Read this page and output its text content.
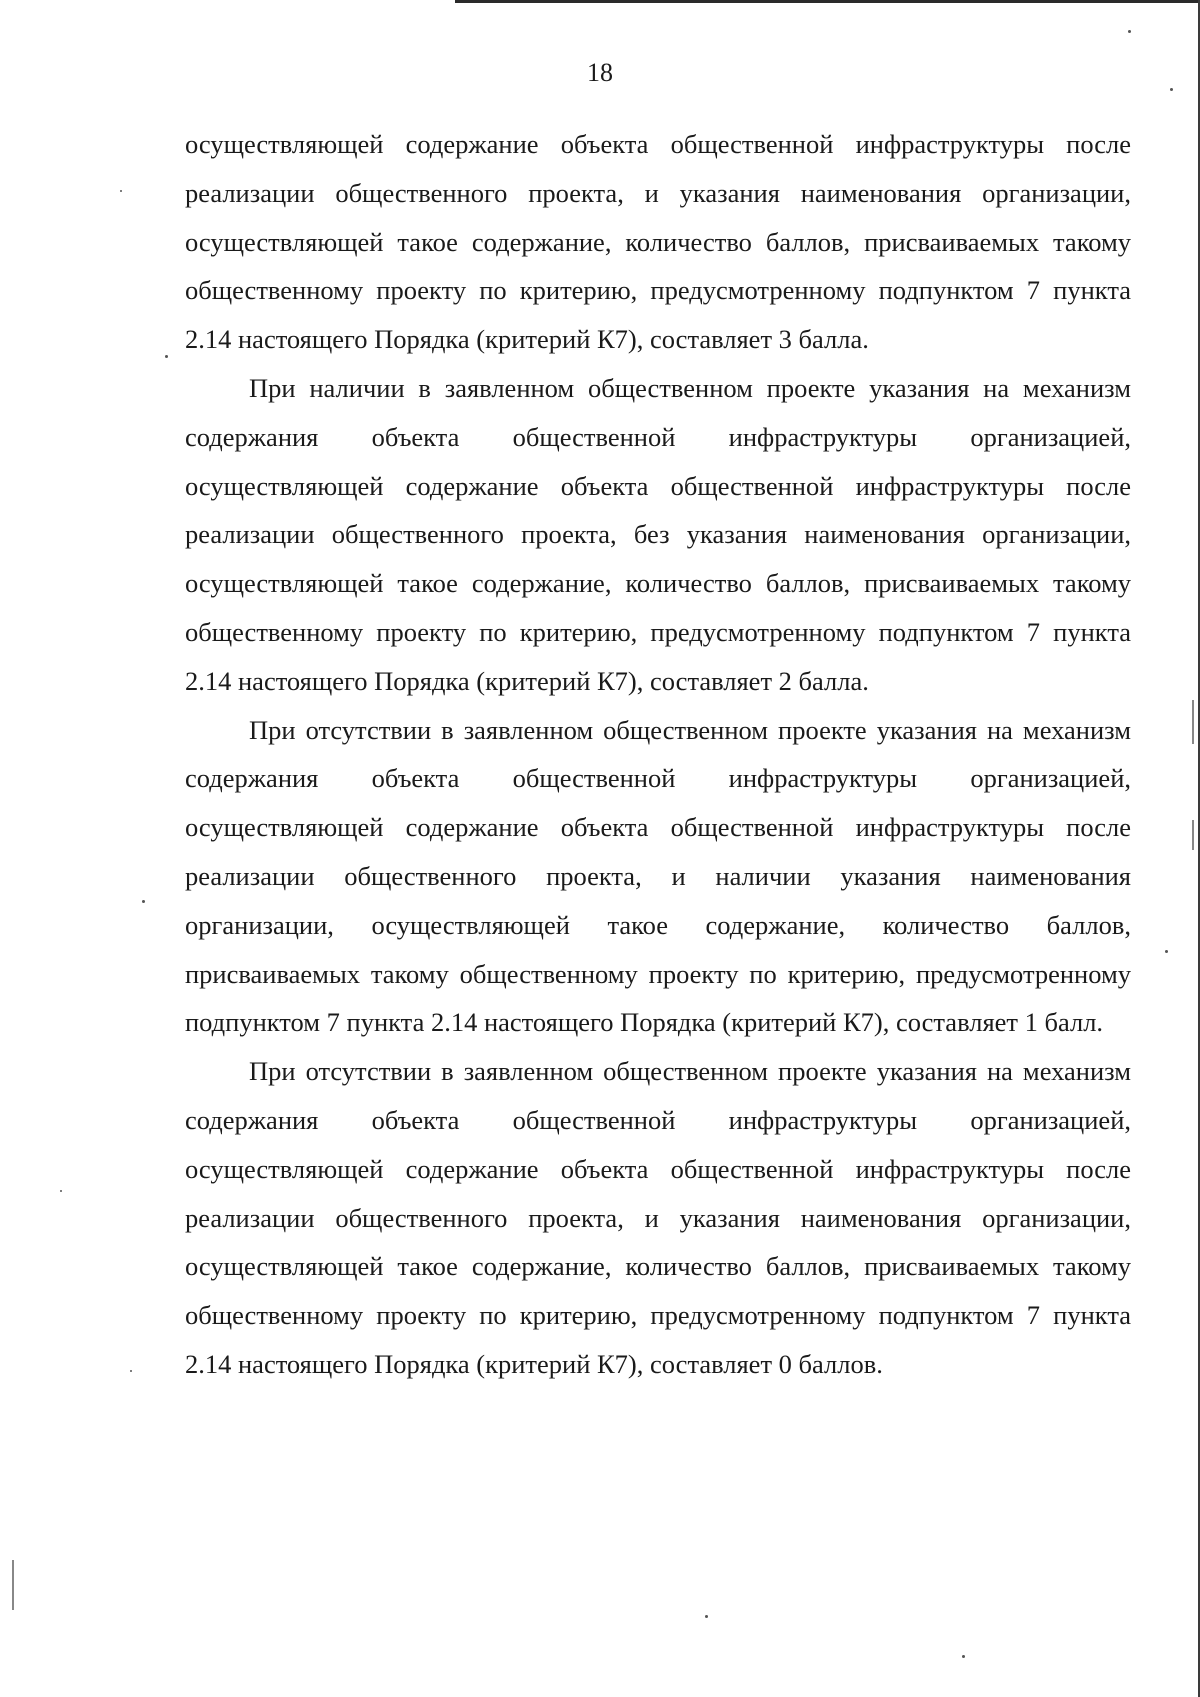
18

осуществляющей содержание объекта общественной инфраструктуры после реализации общественного проекта, и указания наименования организации, осуществляющей такое содержание, количество баллов, присваиваемых такому общественному проекту по критерию, предусмотренному подпунктом 7 пункта 2.14 настоящего Порядка (критерий К7), составляет 3 балла.

При наличии в заявленном общественном проекте указания на механизм содержания объекта общественной инфраструктуры организацией, осуществляющей содержание объекта общественной инфраструктуры после реализации общественного проекта, без указания наименования организации, осуществляющей такое содержание, количество баллов, присваиваемых такому общественному проекту по критерию, предусмотренному подпунктом 7 пункта 2.14 настоящего Порядка (критерий К7), составляет 2 балла.

При отсутствии в заявленном общественном проекте указания на механизм содержания объекта общественной инфраструктуры организацией, осуществляющей содержание объекта общественной инфраструктуры после реализации общественного проекта, и наличии указания наименования организации, осуществляющей такое содержание, количество баллов, присваиваемых такому общественному проекту по критерию, предусмотренному подпунктом 7 пункта 2.14 настоящего Порядка (критерий К7), составляет 1 балл.

При отсутствии в заявленном общественном проекте указания на механизм содержания объекта общественной инфраструктуры организацией, осуществляющей содержание объекта общественной инфраструктуры после реализации общественного проекта, и указания наименования организации, осуществляющей такое содержание, количество баллов, присваиваемых такому общественному проекту по критерию, предусмотренному подпунктом 7 пункта 2.14 настоящего Порядка (критерий К7), составляет 0 баллов.
